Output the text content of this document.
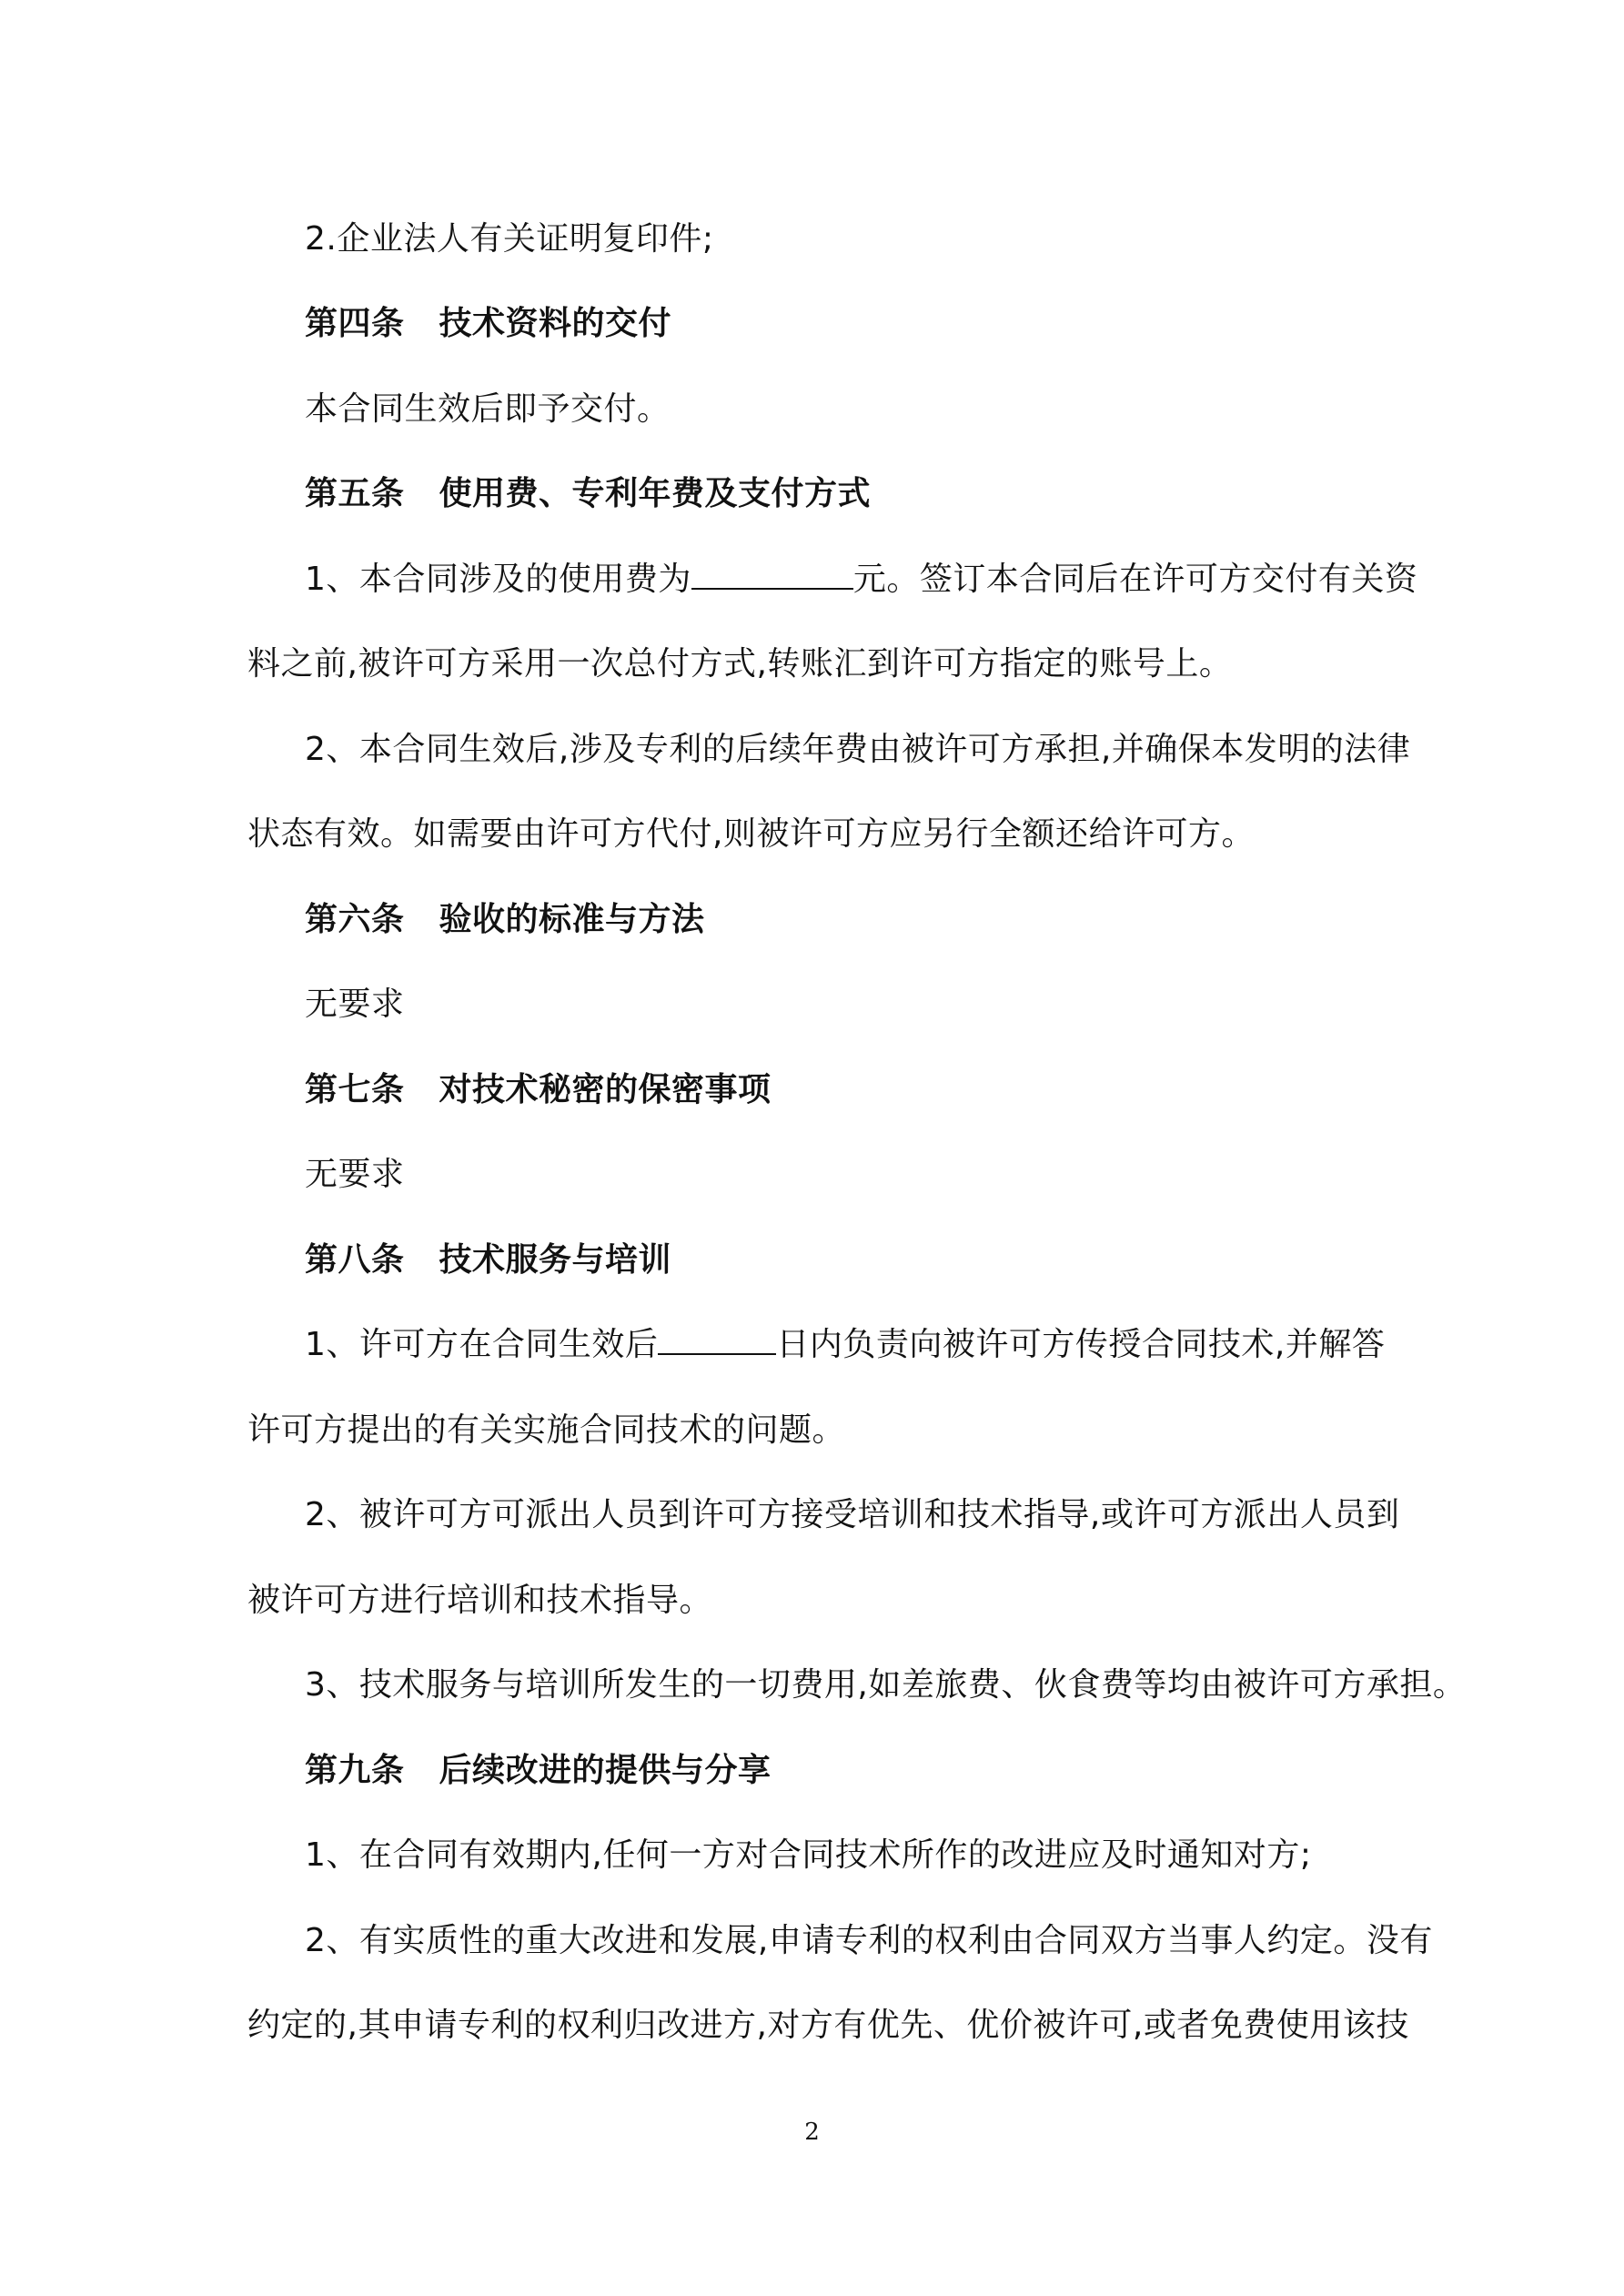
2.企业法人有关证明复印件;
第四条 技术资料的交付
本合同生效后即予交付。
第五条 使用费、专利年费及支付方式
1、本合同涉及的使用费为	元。签订本合同后在许可方交付有关资
料之前,被许可方采用一次总付方式,转账汇到许可方指定的账号上。
2、本合同生效后,涉及专利的后续年费由被许可方承担,并确保本发明的法律
状态有效。如需要由许可方代付,则被许可方应另行全额还给许可方。
第六条 验收的标准与方法
无要求
第七条 对技术秘密的保密事项
无要求
第八条 技术服务与培训
1、许可方在合同生效后	日内负责向被许可方传授合同技术,并解答
许可方提出的有关实施合同技术的问题。
2、被许可方可派出人员到许可方接受培训和技术指导,或许可方派出人员到
被许可方进行培训和技术指导。
3、技术服务与培训所发生的一切费用,如差旅费、伙食费等均由被许可方承担。
第九条 后续改进的提供与分享
1、在合同有效期内,任何一方对合同技术所作的改进应及时通知对方;
2、有实质性的重大改进和发展,申请专利的权利由合同双方当事人约定。没有
约定的,其申请专利的权利归改进方,对方有优先、优价被许可,或者免费使用该技
2
